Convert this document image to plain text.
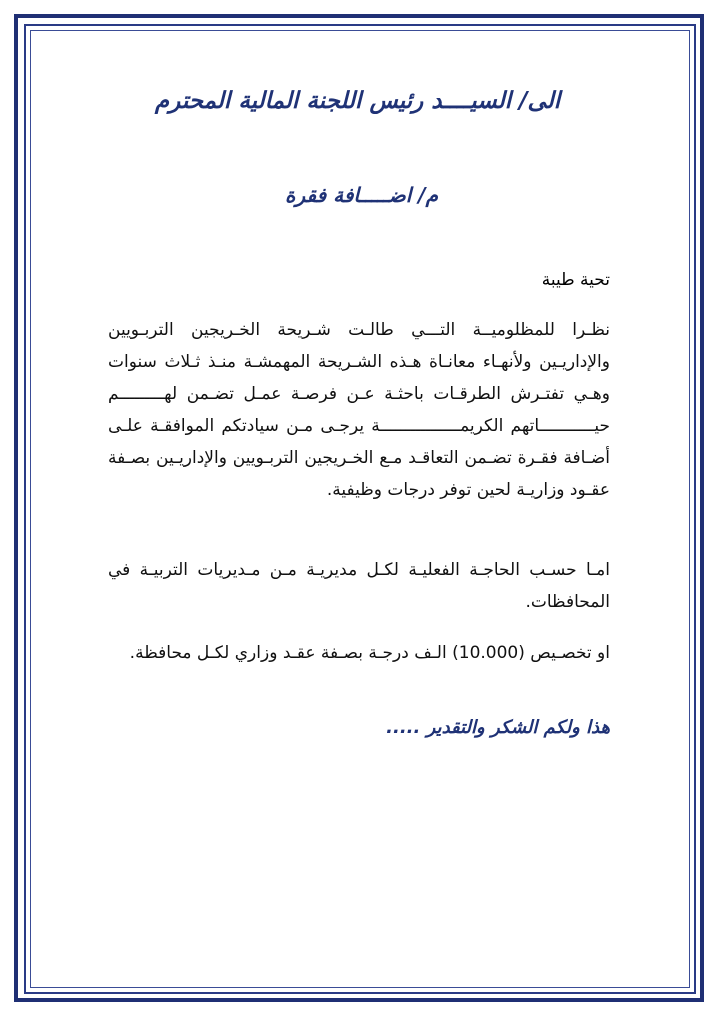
الى/ السيــــد رئيس اللجنة المالية المحترم
م/ اضـــــافة فقرة

تحية طيبة

نظـرا للمظلوميــة التـــي طالـت شـريحة الخـريجين التربـويين والإداريـين ولأنهـاء معانـاة هـذه الشـريحة المهمشـة منـذ ثـلاث سنوات وهـي تفتـرش الطرقـات باحثـة عـن فرصـة عمـل تضـمن لهـــــــــم حيـــــــــــاتهم الكريمــــــــــــــــة يرجـى مـن سيادتكم الموافقـة علـى أضـافة فقـرة تضـمن التعاقـد مـع الخـريجين التربـويين والإداريـين بصـفة عقـود وزاريـة لحين توفر درجات وظيفية.

امـا حسـب الحاجـة الفعليـة لكـل مديريـة مـن مـديريات التربيـة في المحافظات.

او تخصـيص (10.000) الـف درجـة بصـفة عقـد وزاري لكـل محافظة.

هذا ولكم الشكر والتقدير .....
